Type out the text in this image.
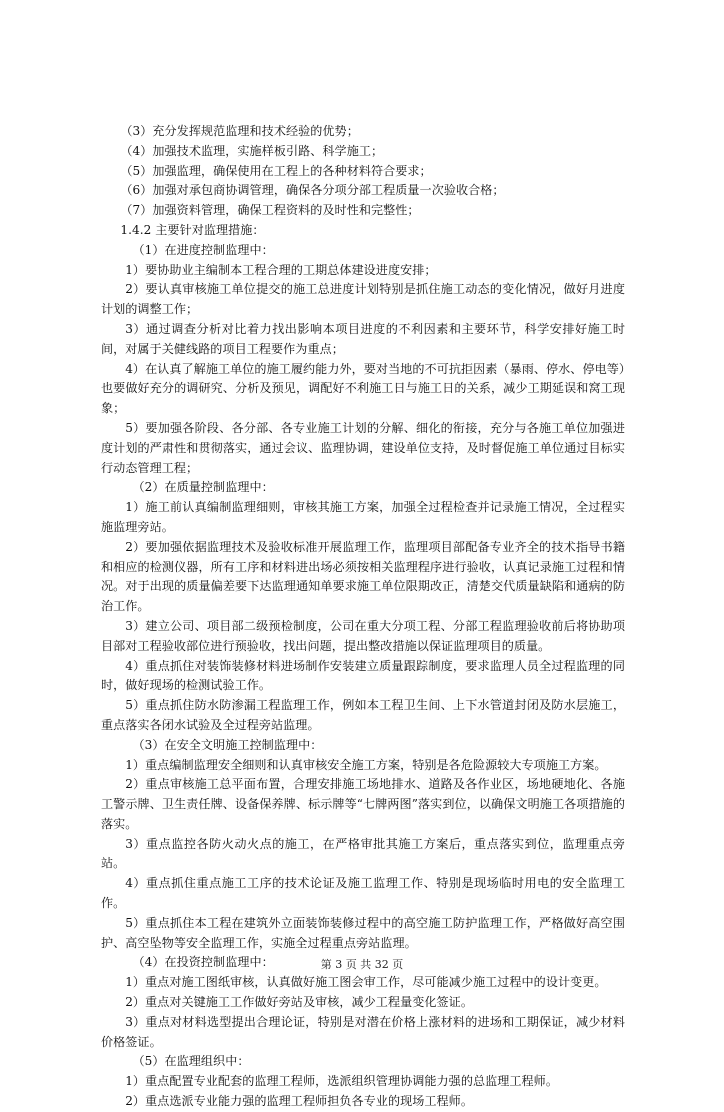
（3）充分发挥规范监理和技术经验的优势；

（4）加强技术监理，实施样板引路、科学施工；

（5）加强监理，确保使用在工程上的各种材料符合要求；

（6）加强对承包商协调管理，确保各分项分部工程质量一次验收合格；

（7）加强资料管理，确保工程资料的及时性和完整性；

1.4.2 主要针对监理措施：

（1）在进度控制监理中：

1）要协助业主编制本工程合理的工期总体建设进度安排；

2）要认真审核施工单位提交的施工总进度计划特别是抓住施工动态的变化情况，做好月进度计划的调整工作；

3）通过调查分析对比着力找出影响本项目进度的不利因素和主要环节，科学安排好施工时间，对属于关健线路的项目工程要作为重点；

4）在认真了解施工单位的施工履约能力外，要对当地的不可抗拒因素（暴雨、停水、停电等）也要做好充分的调研究、分析及预见，调配好不利施工日与施工日的关系，减少工期延误和窝工现象；

5）要加强各阶段、各分部、各专业施工计划的分解、细化的衔接，充分与各施工单位加强进度计划的严肃性和贯彻落实，通过会议、监理协调，建设单位支持，及时督促施工单位通过目标实行动态管理工程；

（2）在质量控制监理中：

1）施工前认真编制监理细则，审核其施工方案，加强全过程检查并记录施工情况，全过程实施监理旁站。

2）要加强依据监理技术及验收标准开展监理工作，监理项目部配备专业齐全的技术指导书籍和相应的检测仪器，所有工序和材料进出场必须按相关监理程序进行验收，认真记录施工过程和情况。对于出现的质量偏差要下达监理通知单要求施工单位限期改正，清楚交代质量缺陷和通病的防治工作。

3）建立公司、项目部二级预检制度，公司在重大分项工程、分部工程监理验收前后将协助项目部对工程验收部位进行预验收，找出问题，提出整改措施以保证监理项目的质量。

4）重点抓住对装饰装修材料进场制作安装建立质量跟踪制度，要求监理人员全过程监理的同时，做好现场的检测试验工作。

5）重点抓住防水防渗漏工程监理工作，例如本工程卫生间、上下水管道封闭及防水层施工，重点落实各闭水试验及全过程旁站监理。

（3）在安全文明施工控制监理中：

1）重点编制监理安全细则和认真审核安全施工方案，特别是各危险源较大专项施工方案。

2）重点审核施工总平面布置，合理安排施工场地排水、道路及各作业区，场地硬地化、各施工警示牌、卫生责任牌、设备保养牌、标示牌等“七牌两图”落实到位，以确保文明施工各项措施的落实。

3）重点监控各防火动火点的施工，在严格审批其施工方案后，重点落实到位，监理重点旁站。

4）重点抓住重点施工工序的技术论证及施工监理工作、特别是现场临时用电的安全监理工作。

5）重点抓住本工程在建筑外立面装饰装修过程中的高空施工防护监理工作，严格做好高空围护、高空坠物等安全监理工作，实施全过程重点旁站监理。

（4）在投资控制监理中：

1）重点对施工图纸审核，认真做好施工图会审工作，尽可能减少施工过程中的设计变更。

2）重点对关键施工工作做好旁站及审核，减少工程量变化签证。

3）重点对材料选型提出合理论证，特别是对潜在价格上涨材料的进场和工期保证，减少材料价格签证。

（5）在监理组织中：

1）重点配置专业配套的监理工程师，选派组织管理协调能力强的总监理工程师。

2）重点选派专业能力强的监理工程师担负各专业的现场工程师。

第 3 页 共 32 页
